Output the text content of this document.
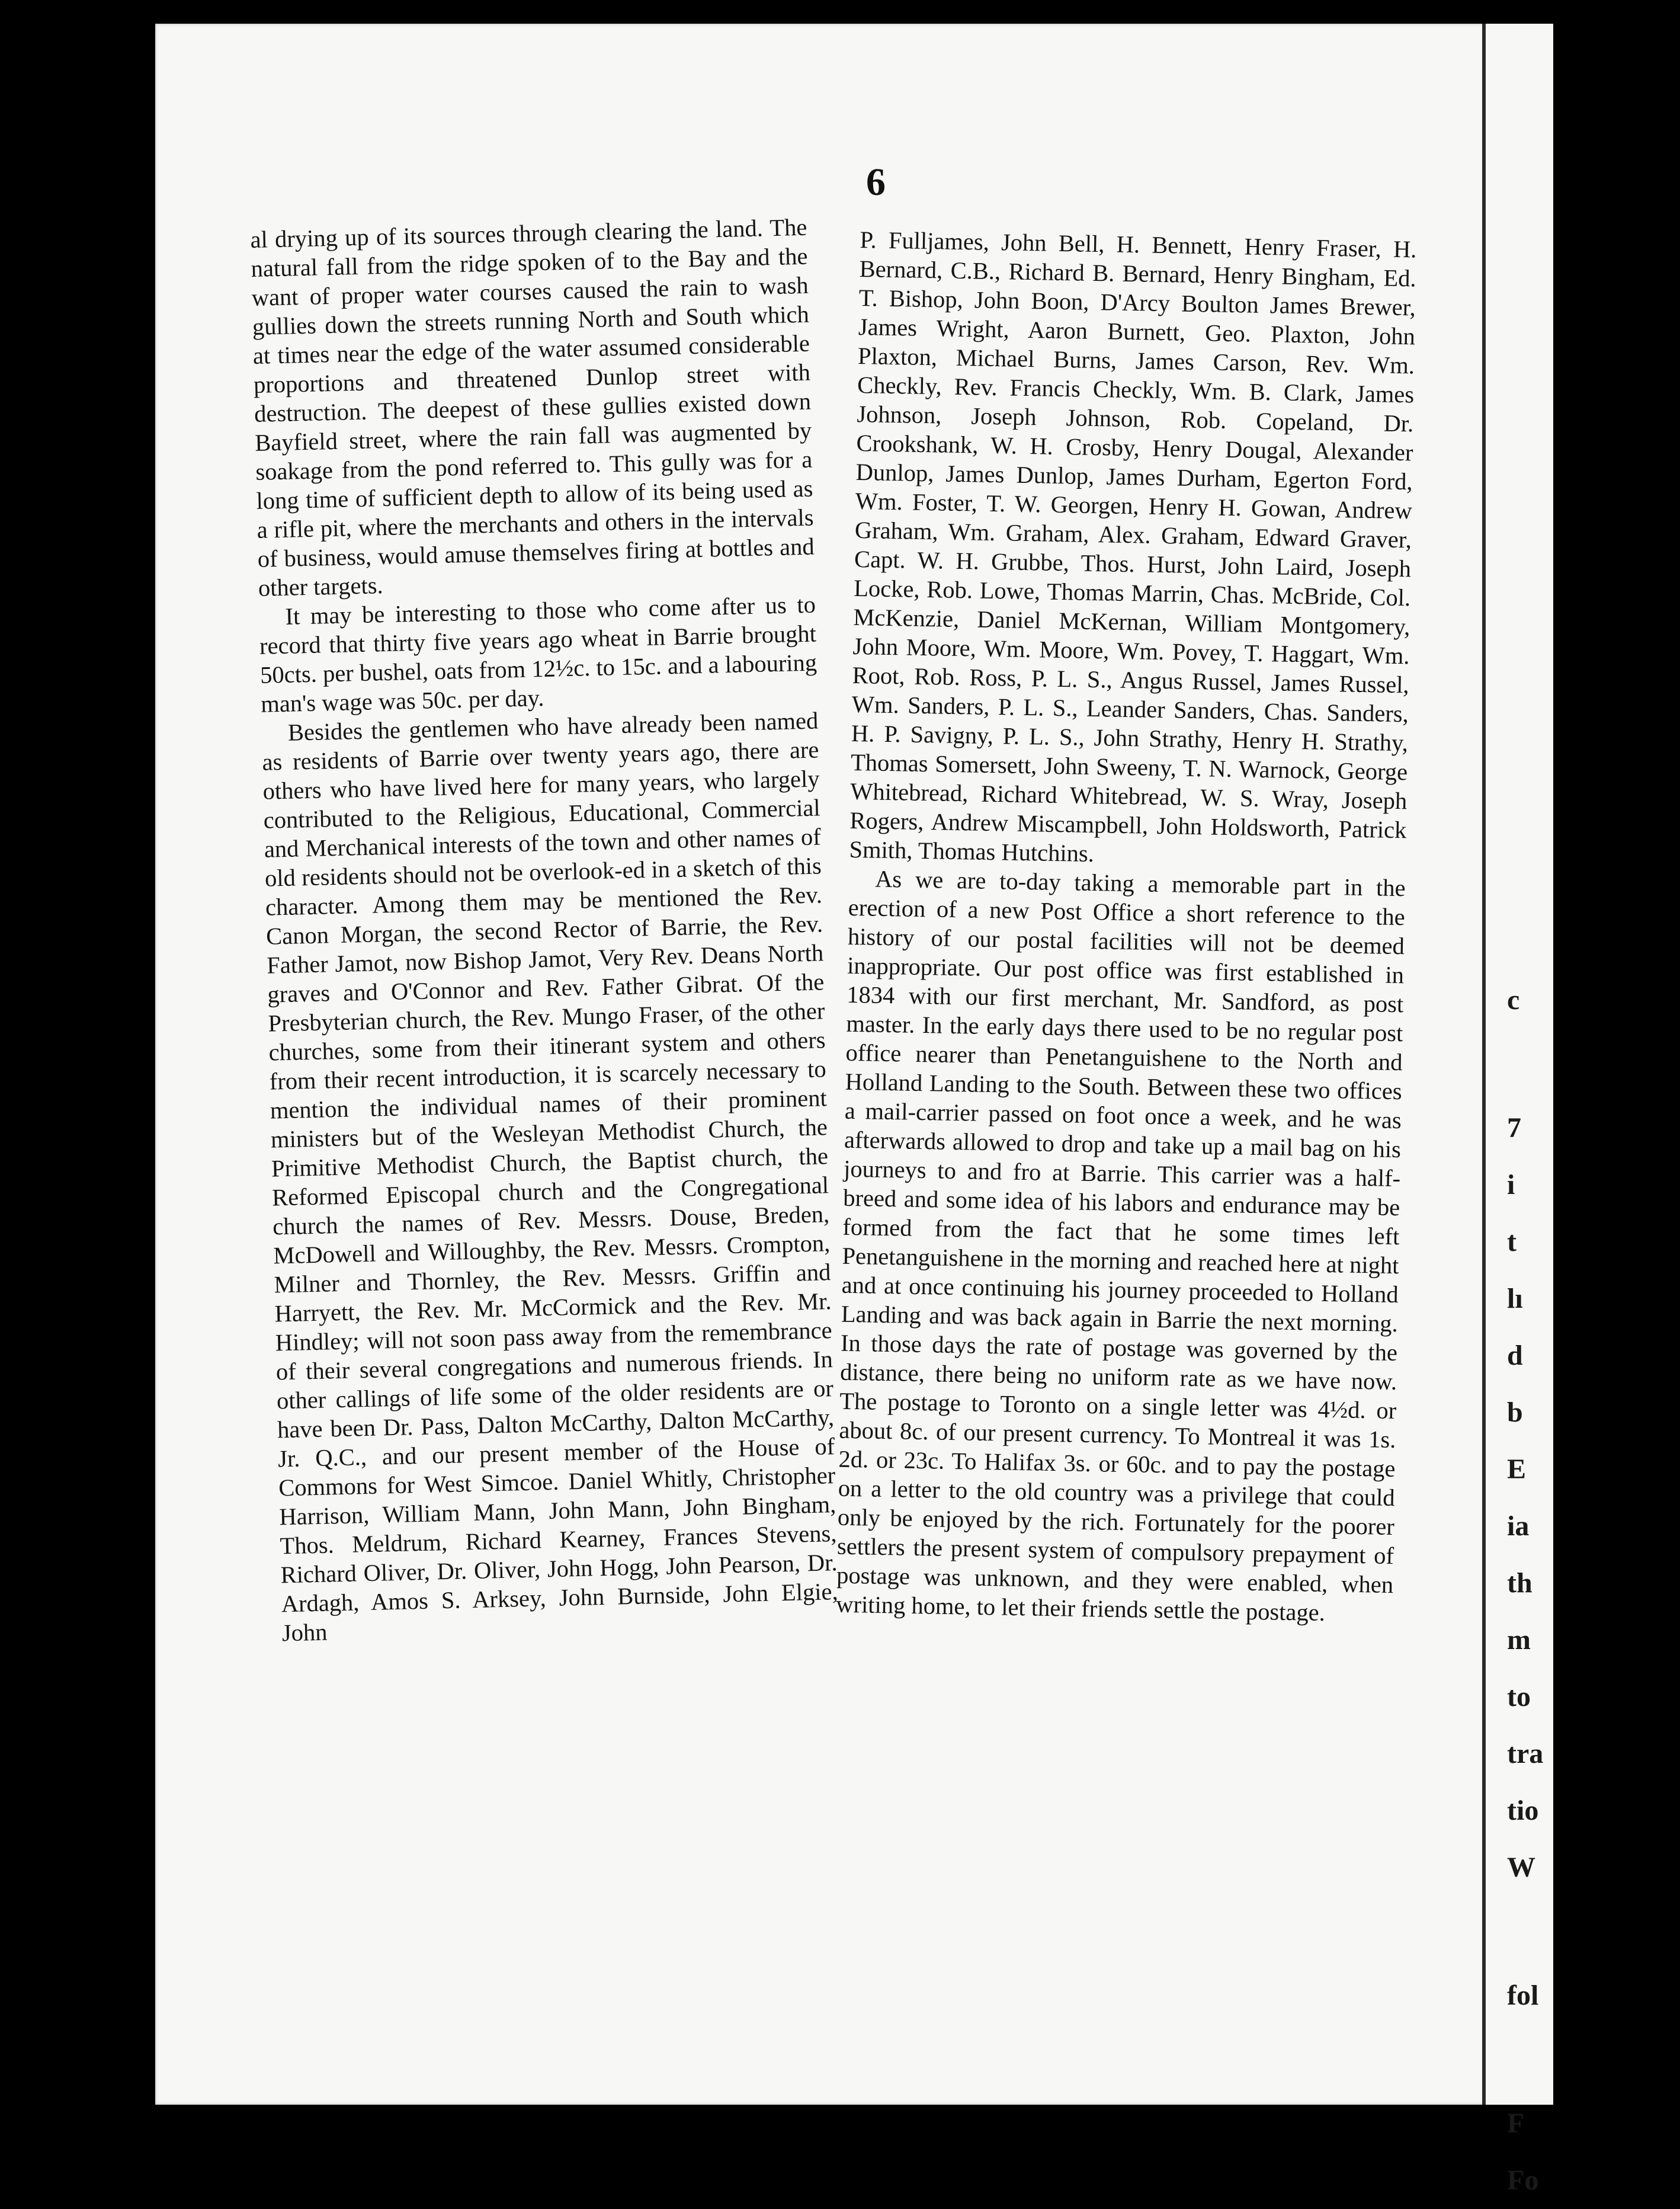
6

al drying up of its sources through clearing the land. The natural fall from the ridge spoken of to the Bay and the want of proper water courses caused the rain to wash gullies down the streets running North and South which at times near the edge of the water assumed considerable proportions and threatened Dunlop street with destruction. The deepest of these gullies existed down Bayfield street, where the rain fall was augmented by soakage from the pond referred to. This gully was for a long time of sufficient depth to allow of its being used as a rifle pit, where the merchants and others in the intervals of business, would amuse themselves firing at bottles and other targets.

It may be interesting to those who come after us to record that thirty five years ago wheat in Barrie brought 50cts. per bushel, oats from 12½c. to 15c. and a labouring man's wage was 50c. per day.

Besides the gentlemen who have already been named as residents of Barrie over twenty years ago, there are others who have lived here for many years, who largely contributed to the Religious, Educational, Commercial and Merchanical interests of the town and other names of old residents should not be overlook-ed in a sketch of this character. Among them may be mentioned the Rev. Canon Morgan, the second Rector of Barrie, the Rev. Father Jamot, now Bishop Jamot, Very Rev. Deans North graves and O'Connor and Rev. Father Gibrat. Of the Presbyterian church, the Rev. Mungo Fraser, of the other churches, some from their itinerant system and others from their recent introduction, it is scarcely necessary to mention the individual names of their prominent ministers but of the Wesleyan Methodist Church, the Primitive Methodist Church, the Baptist church, the Reformed Episcopal church and the Congregational church the names of Rev. Messrs. Douse, Breden, McDowell and Willoughby, the Rev. Messrs. Crompton, Milner and Thornley, the Rev. Messrs. Griffin and Harryett, the Rev. Mr. McCormick and the Rev. Mr. Hindley; will not soon pass away from the remembrance of their several congregations and numerous friends. In other callings of life some of the older residents are or have been Dr. Pass, Dalton McCarthy, Dalton McCarthy, Jr. Q.C., and our present member of the House of Commons for West Simcoe. Daniel Whitly, Christopher Harrison, William Mann, John Mann, John Bingham, Thos. Meldrum, Richard Kearney, Frances Stevens, Richard Oliver, Dr. Oliver, John Hogg, John Pearson, Dr. Ardagh, Amos S. Arksey, John Burnside, John Elgie, John

P. Fulljames, John Bell, H. Bennett, Henry Fraser, H. Bernard, C.B., Richard B. Bernard, Henry Bingham, Ed. T. Bishop, John Boon, D'Arcy Boulton James Brewer, James Wright, Aaron Burnett, Geo. Plaxton, John Plaxton, Michael Burns, James Carson, Rev. Wm. Checkly, Rev. Francis Checkly, Wm. B. Clark, James Johnson, Joseph Johnson, Rob. Copeland, Dr. Crookshank, W. H. Crosby, Henry Dougal, Alexander Dunlop, James Dunlop, James Durham, Egerton Ford, Wm. Foster, T. W. Georgen, Henry H. Gowan, Andrew Graham, Wm. Graham, Alex. Graham, Edward Graver, Capt. W. H. Grubbe, Thos. Hurst, John Laird, Joseph Locke, Rob. Lowe, Thomas Marrin, Chas. McBride, Col. McKenzie, Daniel McKernan, William Montgomery, John Moore, Wm. Moore, Wm. Povey, T. Haggart, Wm. Root, Rob. Ross, P. L. S., Angus Russel, James Russel, Wm. Sanders, P. L. S., Leander Sanders, Chas. Sanders, H. P. Savigny, P. L. S., John Strathy, Henry H. Strathy, Thomas Somersett, John Sweeny, T. N. Warnock, George Whitebread, Richard Whitebread, W. S. Wray, Joseph Rogers, Andrew Miscampbell, John Holdsworth, Patrick Smith, Thomas Hutchins.

As we are to-day taking a memorable part in the erection of a new Post Office a short reference to the history of our postal facilities will not be deemed inappropriate. Our post office was first established in 1834 with our first merchant, Mr. Sandford, as post master. In the early days there used to be no regular post office nearer than Penetanguishene to the North and Holland Landing to the South. Between these two offices a mail-carrier passed on foot once a week, and he was afterwards allowed to drop and take up a mail bag on his journeys to and fro at Barrie. This carrier was a half-breed and some idea of his labors and endurance may be formed from the fact that he some times left Penetanguishene in the morning and reached here at night and at once continuing his journey proceeded to Holland Landing and was back again in Barrie the next morning. In those days the rate of postage was governed by the distance, there being no uniform rate as we have now. The postage to Toronto on a single letter was 4½d. or about 8c. of our present currency. To Montreal it was 1s. 2d. or 23c. To Halifax 3s. or 60c. and to pay the postage on a letter to the old country was a privilege that could only be enjoyed by the rich. Fortunately for the poorer settlers the present system of compulsory prepayment of postage was unknown, and they were enabled, when writing home, to let their friends settle the postage.

c
7
i
t
lı
d
b
E
ia
th
m
to
tra
tio
W
fol
F
Fo
